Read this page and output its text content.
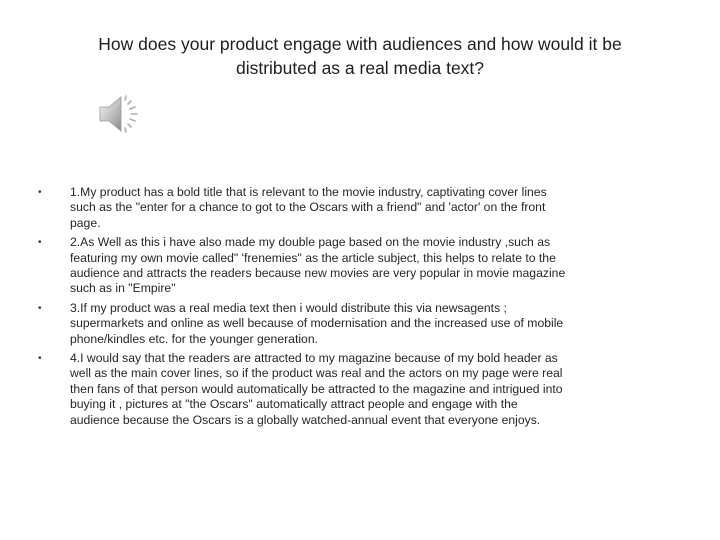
How does your product engage with audiences and how would it be distributed as a real media text?
• 1.My product has a bold title that is relevant to the movie industry, captivating cover lines
such as the "enter for a chance to got to the Oscars with a friend" and 'actor' on the front
page.
• 2.As Well as this i have also made my double page based on the movie industry ,such as
featuring my own movie called" 'frenemies" as the article subject, this helps to relate to the
audience and attracts the readers because new movies are very popular in movie magazine
such as in "Empire"
• 3.If my product was a real media text then i would distribute this via newsagents ;
supermarkets and online as well because of modernisation and the increased use of mobile
phone/kindles etc. for the younger generation.
• 4.I would say that the readers are attracted to my magazine because of my bold header as
well as the main cover lines, so if the product was real and the actors on my page were real
then fans of that person would automatically be attracted to the magazine and intrigued into
buying it , pictures at "the Oscars" automatically attract people and engage with the
audience because the Oscars is a globally watched-annual event that everyone enjoys.
